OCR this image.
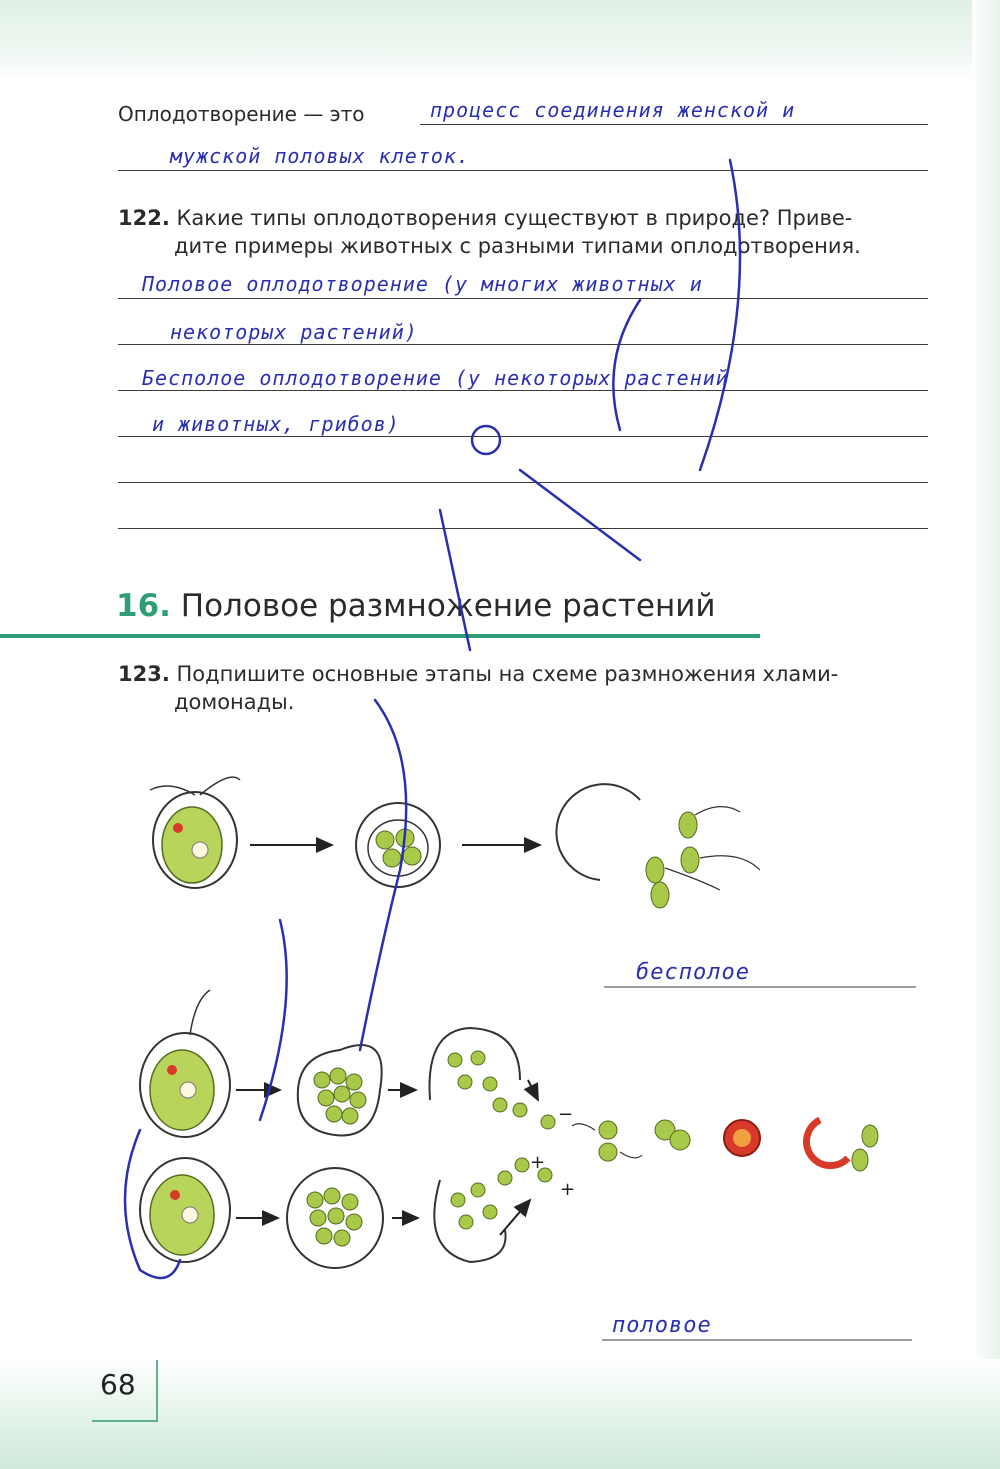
Оплодотворение — это	процесс соединения женской и
мужской половых клеток.
122. Какие типы оплодотворения существуют в природе? Приве-
дите примеры животных с разными типами оплодотворения.
Половое оплодотворение (у многих животных и
некоторых растений)
Бесполое оплодотворение (у некоторых растений
и животных, грибов)
16. Половое размножение растений
123. Подпишите основные этапы на схеме размножения хлами-
домонады.
−
+
+
бесполое
половое
68
